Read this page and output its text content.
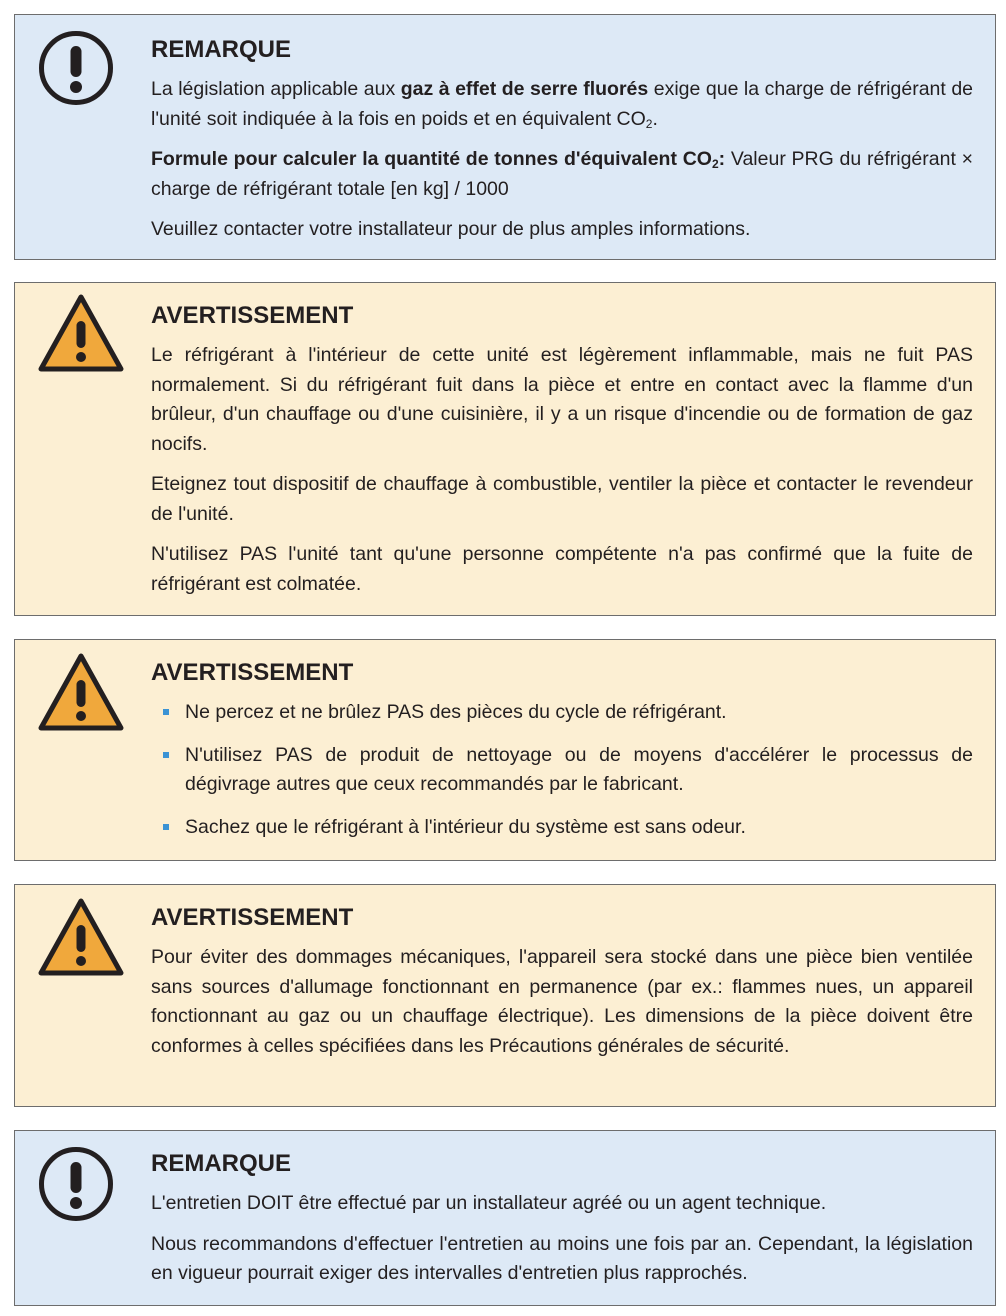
REMARQUE

La législation applicable aux gaz à effet de serre fluorés exige que la charge de réfrigérant de l'unité soit indiquée à la fois en poids et en équivalent $CO_2$.

Formule pour calculer la quantité de tonnes d'équivalent $CO_2$: Valeur PRG du réfrigérant × charge de réfrigérant totale [en kg] / 1000

Veuillez contacter votre installateur pour de plus amples informations.

AVERTISSEMENT

Le réfrigérant à l'intérieur de cette unité est légèrement inflammable, mais ne fuit PAS normalement. Si du réfrigérant fuit dans la pièce et entre en contact avec la flamme d'un brûleur, d'un chauffage ou d'une cuisinière, il y a un risque d'incendie ou de formation de gaz nocifs.

Eteignez tout dispositif de chauffage à combustible, ventiler la pièce et contacter le revendeur de l'unité.

N'utilisez PAS l'unité tant qu'une personne compétente n'a pas confirmé que la fuite de réfrigérant est colmatée.

AVERTISSEMENT
Ne percez et ne brûlez PAS des pièces du cycle de réfrigérant.
N'utilisez PAS de produit de nettoyage ou de moyens d'accélérer le processus de dégivrage autres que ceux recommandés par le fabricant.
Sachez que le réfrigérant à l'intérieur du système est sans odeur.
AVERTISSEMENT

Pour éviter des dommages mécaniques, l'appareil sera stocké dans une pièce bien ventilée sans sources d'allumage fonctionnant en permanence (par ex.: flammes nues, un appareil fonctionnant au gaz ou un chauffage électrique). Les dimensions de la pièce doivent être conformes à celles spécifiées dans les Précautions générales de sécurité.

REMARQUE

L'entretien DOIT être effectué par un installateur agréé ou un agent technique.

Nous recommandons d'effectuer l'entretien au moins une fois par an. Cependant, la législation en vigueur pourrait exiger des intervalles d'entretien plus rapprochés.
